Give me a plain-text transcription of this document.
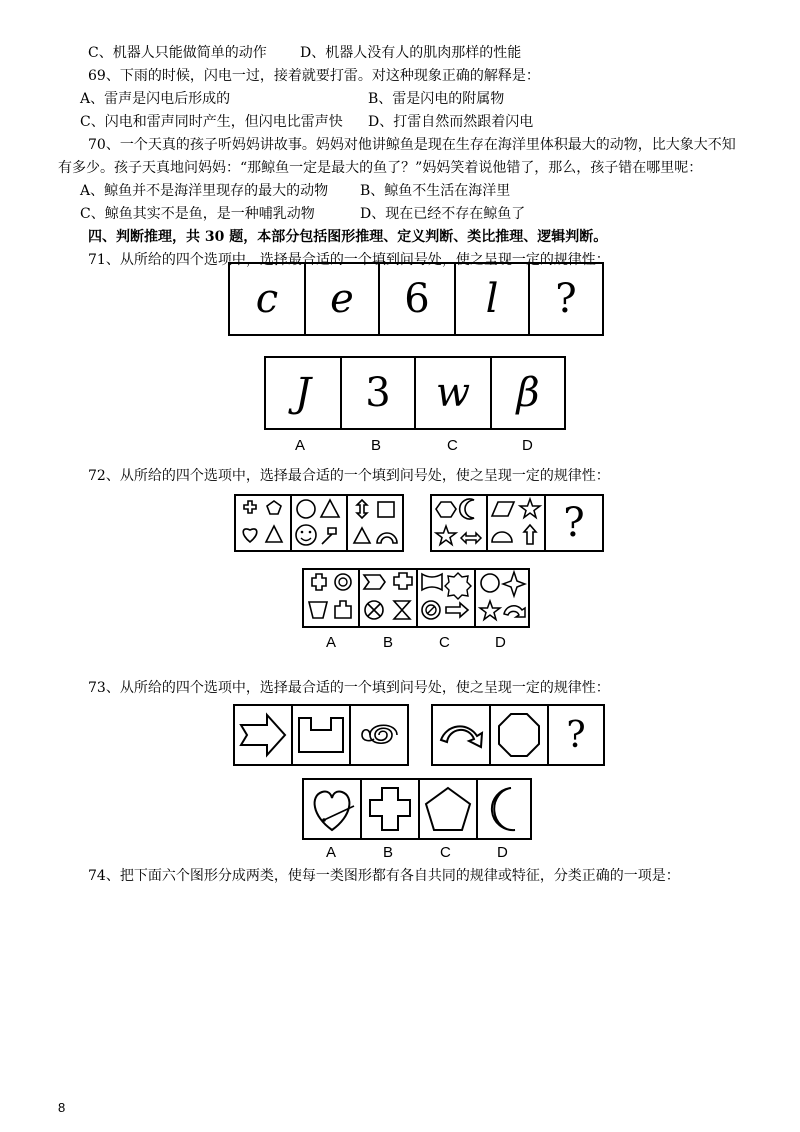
C、机器人只能做简单的动作 D、机器人没有人的肌肉那样的性能
69、下雨的时候，闪电一过，接着就要打雷。对这种现象正确的解释是：
A、雷声是闪电后形成的	B、雷是闪电的附属物
C、闪电和雷声同时产生，但闪电比雷声快 D、打雷自然而然跟着闪电
70、一个天真的孩子听妈妈讲故事。妈妈对他讲鲸鱼是现在生存在海洋里体积最大的动物，比大象大不知
有多少。孩子天真地问妈妈：“那鲸鱼一定是最大的鱼了？”妈妈笑着说他错了，那么，孩子错在哪里呢：
A、鲸鱼并不是海洋里现存的最大的动物 B、鲸鱼不生活在海洋里
C、鲸鱼其实不是鱼，是一种哺乳动物	D、现在已经不存在鲸鱼了
四、判断推理，共 30 题，本部分包括图形推理、定义判断、类比推理、逻辑判断。
71、从所给的四个选项中，选择最合适的一个填到问号处，使之呈现一定的规律性：
c e 6 l ?
J 3 w β
A	B	C	D
72、从所给的四个选项中，选择最合适的一个填到问号处，使之呈现一定的规律性：
?
A	B	C	D
73、从所给的四个选项中，选择最合适的一个填到问号处，使之呈现一定的规律性：
?
A	B	C	D
74、把下面六个图形分成两类，使每一类图形都有各自共同的规律或特征，分类正确的一项是：
8
